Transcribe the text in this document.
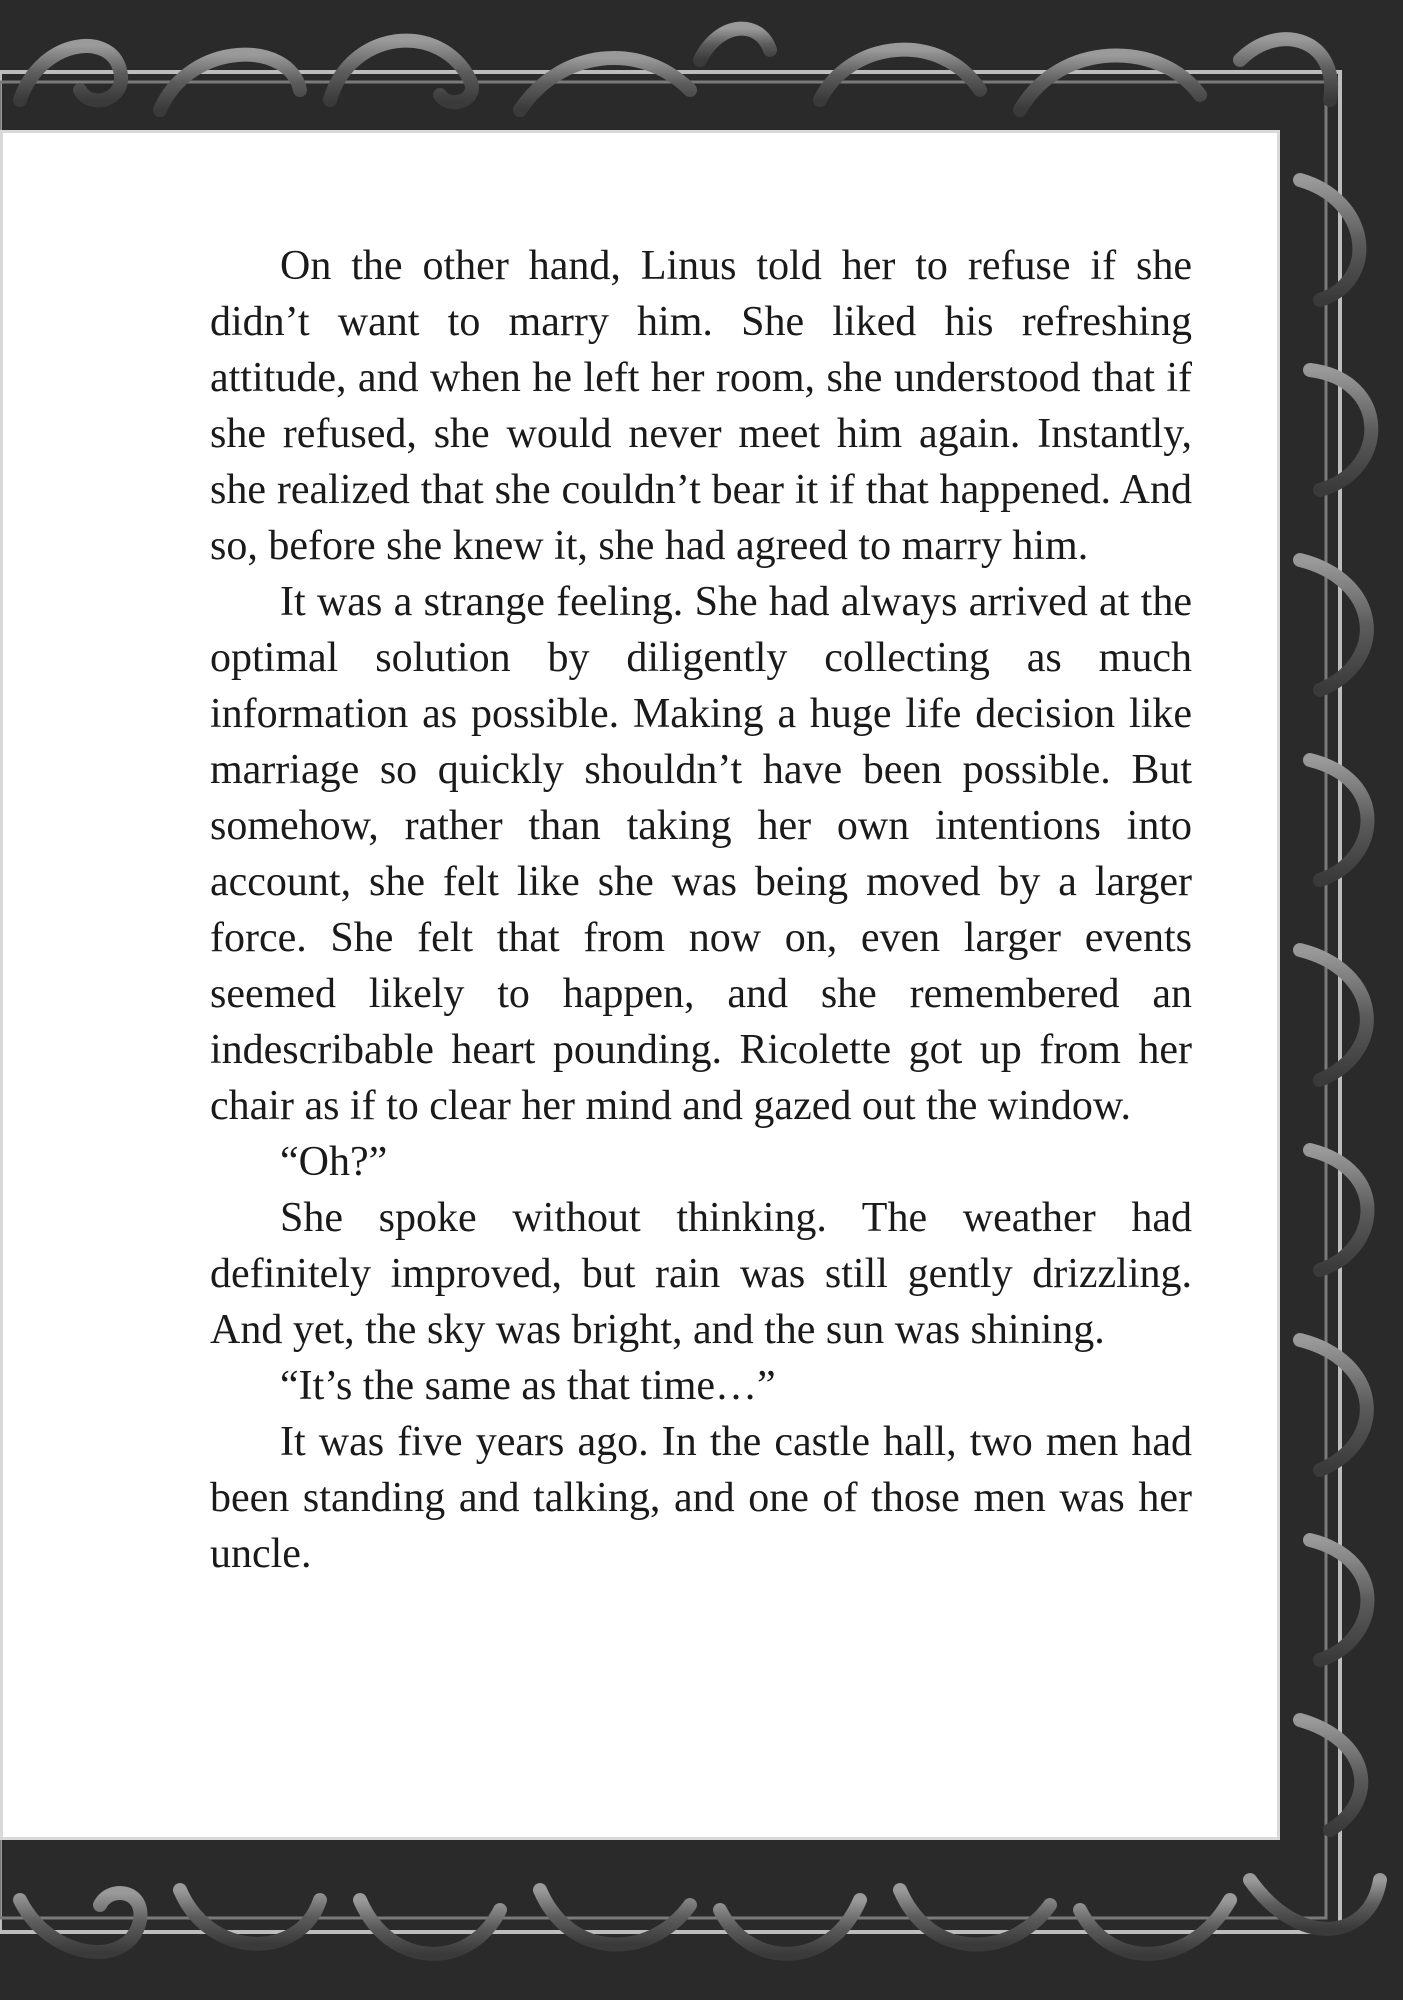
On the other hand, Linus told her to refuse if she didn’t want to marry him. She liked his refreshing attitude, and when he left her room, she understood that if she refused, she would never meet him again. Instantly, she realized that she couldn’t bear it if that happened. And so, before she knew it, she had agreed to marry him.

It was a strange feeling. She had always arrived at the optimal solution by diligently collecting as much information as possible. Making a huge life decision like marriage so quickly shouldn’t have been possible. But somehow, rather than taking her own intentions into account, she felt like she was being moved by a larger force. She felt that from now on, even larger events seemed likely to happen, and she remembered an indescribable heart pounding. Ricolette got up from her chair as if to clear her mind and gazed out the window.

“Oh?”

She spoke without thinking. The weather had definitely improved, but rain was still gently drizzling. And yet, the sky was bright, and the sun was shining.

“It’s the same as that time…”

It was five years ago. In the castle hall, two men had been standing and talking, and one of those men was her uncle.
